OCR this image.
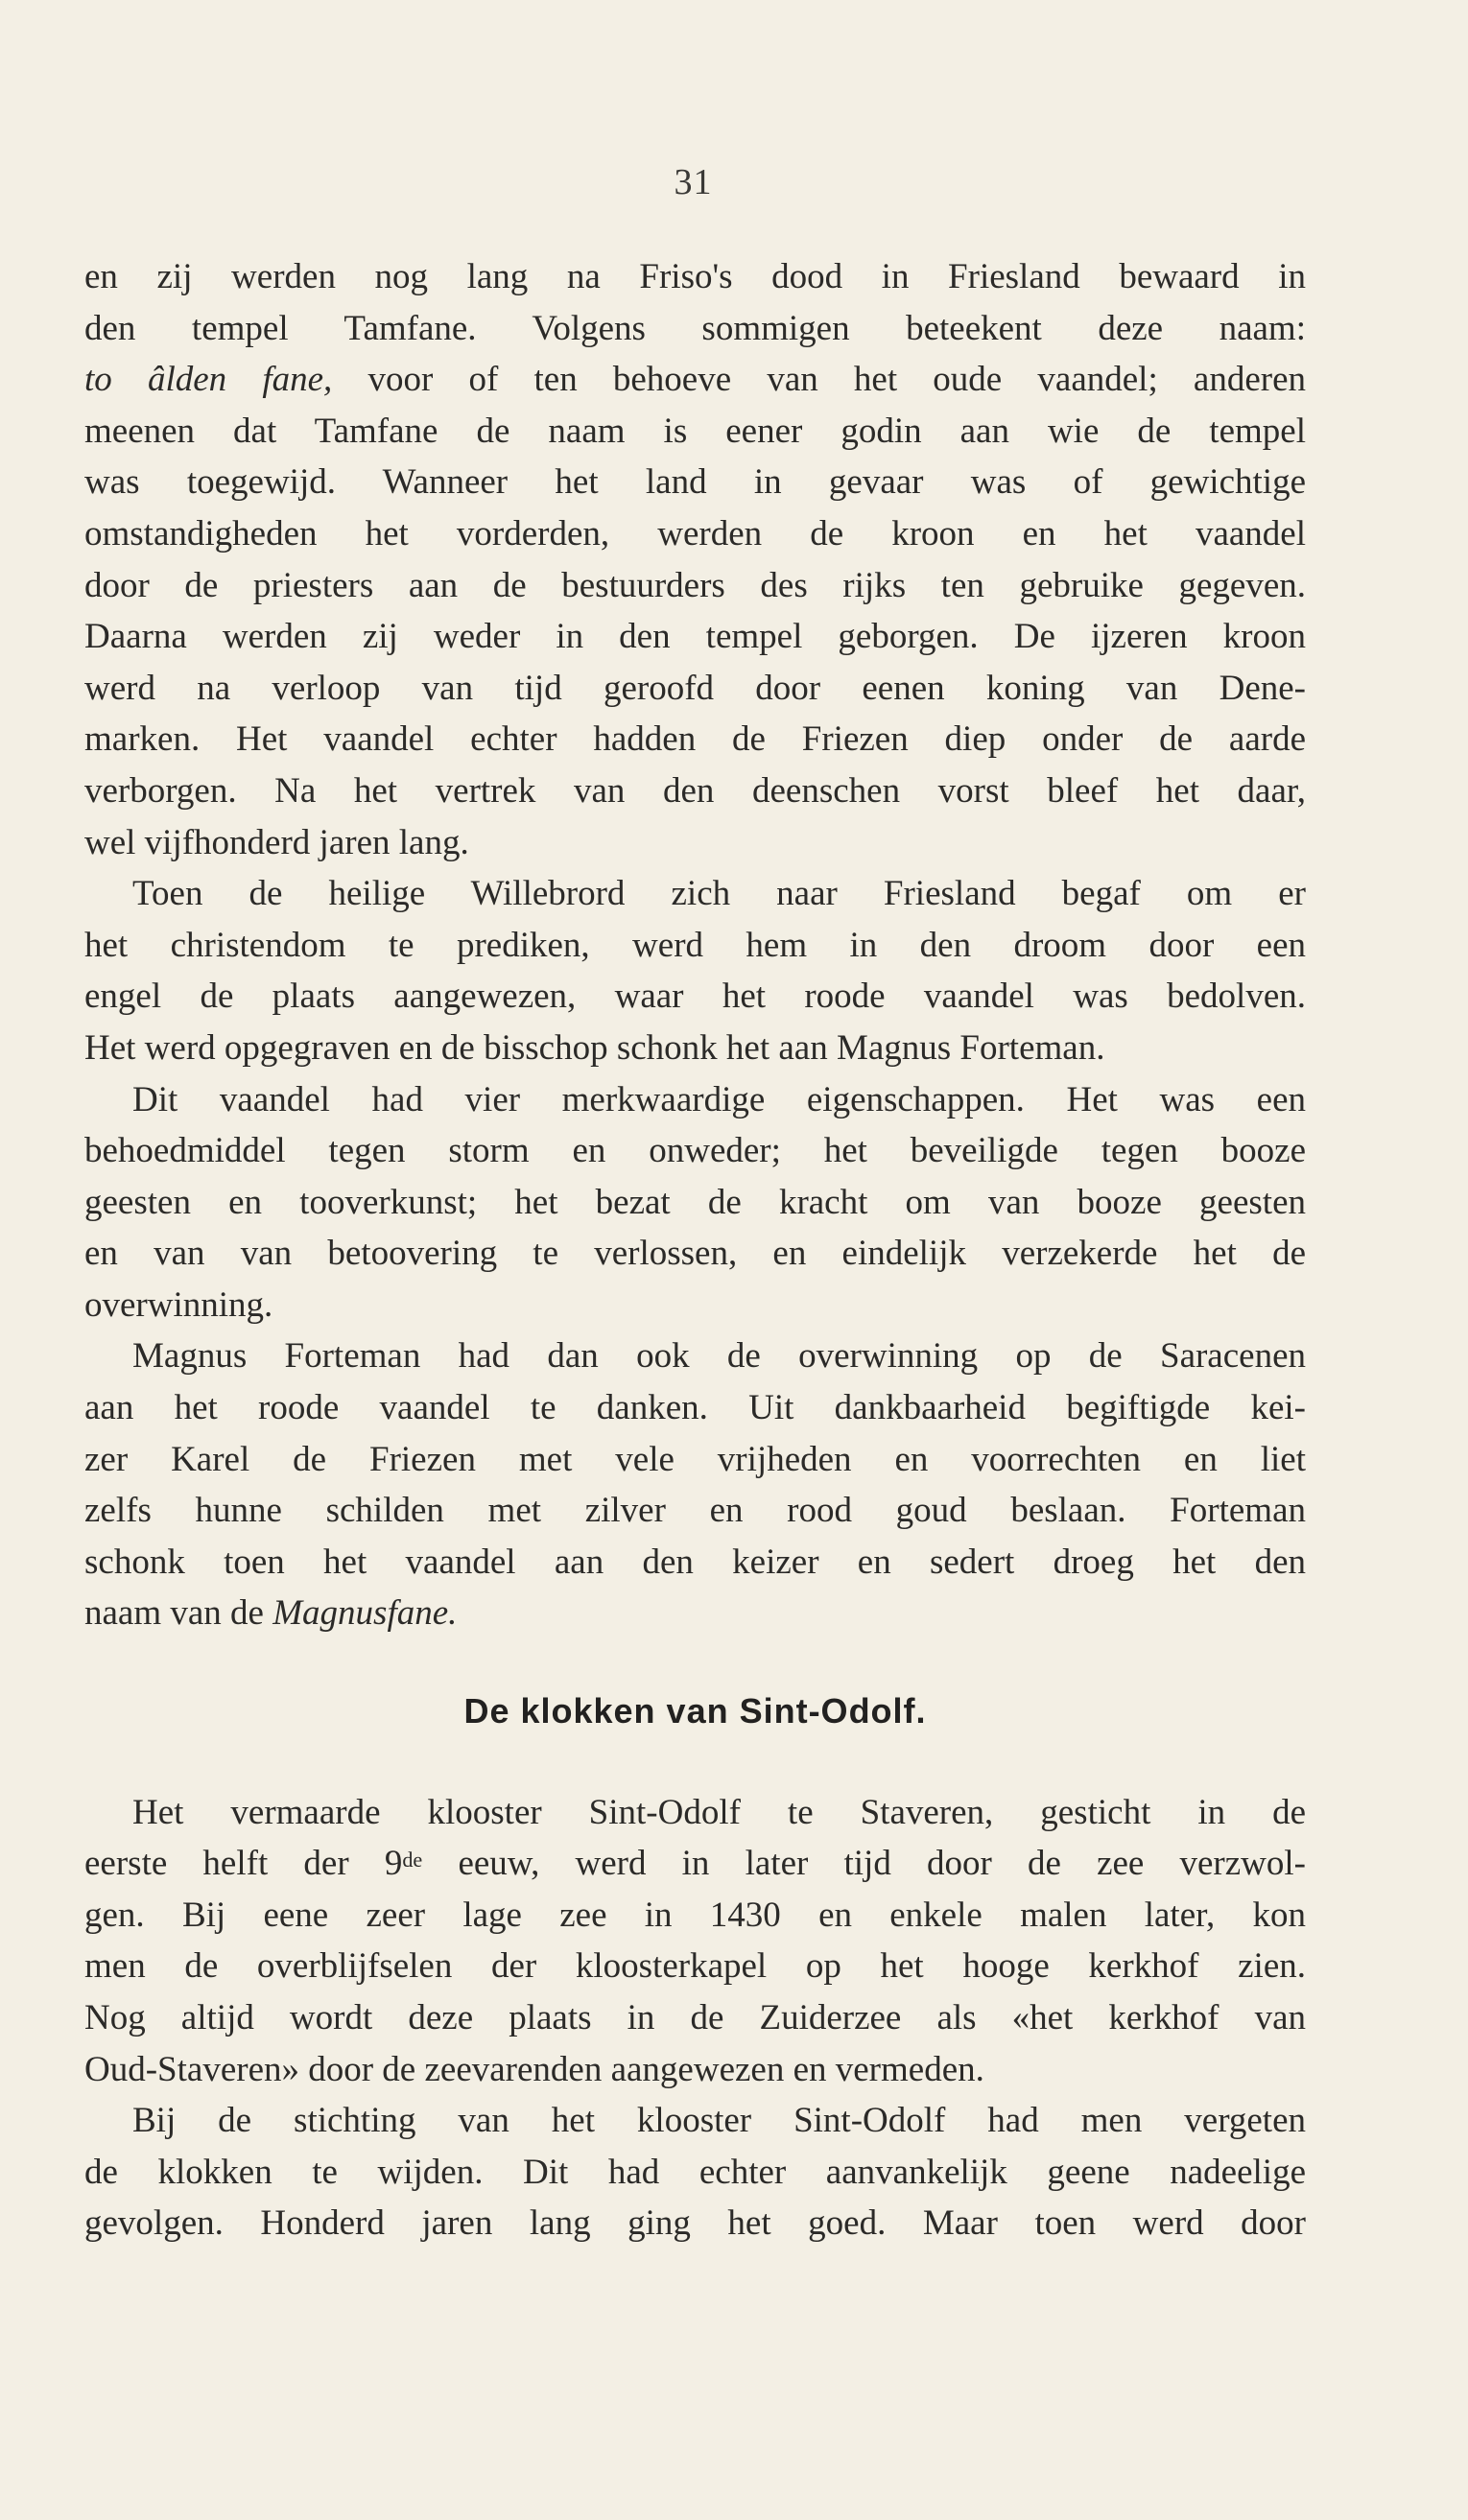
31

en zij werden nog lang na Friso's dood in Friesland bewaard in
den tempel Tamfane. Volgens sommigen beteekent deze naam:
to âlden fane, voor of ten behoeve van het oude vaandel; anderen
meenen dat Tamfane de naam is eener godin aan wie de tempel
was toegewijd. Wanneer het land in gevaar was of gewichtige
omstandigheden het vorderden, werden de kroon en het vaandel
door de priesters aan de bestuurders des rijks ten gebruike gegeven.
Daarna werden zij weder in den tempel geborgen. De ijzeren kroon
werd na verloop van tijd geroofd door eenen koning van Dene-
marken. Het vaandel echter hadden de Friezen diep onder de aarde
verborgen. Na het vertrek van den deenschen vorst bleef het daar,
wel vijfhonderd jaren lang.

Toen de heilige Willebrord zich naar Friesland begaf om er
het christendom te prediken, werd hem in den droom door een
engel de plaats aangewezen, waar het roode vaandel was bedolven.
Het werd opgegraven en de bisschop schonk het aan Magnus Forteman.

Dit vaandel had vier merkwaardige eigenschappen. Het was een
behoedmiddel tegen storm en onweder; het beveiligde tegen booze
geesten en tooverkunst; het bezat de kracht om van booze geesten
en van van betoovering te verlossen, en eindelijk verzekerde het de
overwinning.

Magnus Forteman had dan ook de overwinning op de Saracenen
aan het roode vaandel te danken. Uit dankbaarheid begiftigde kei-
zer Karel de Friezen met vele vrijheden en voorrechten en liet
zelfs hunne schilden met zilver en rood goud beslaan. Forteman
schonk toen het vaandel aan den keizer en sedert droeg het den
naam van de Magnusfane.

De klokken van Sint-Odolf.

Het vermaarde klooster Sint-Odolf te Staveren, gesticht in de
eerste helft der 9de eeuw, werd in later tijd door de zee verzwol-
gen. Bij eene zeer lage zee in 1430 en enkele malen later, kon
men de overblijfselen der kloosterkapel op het hooge kerkhof zien.
Nog altijd wordt deze plaats in de Zuiderzee als «het kerkhof van
Oud-Staveren» door de zeevarenden aangewezen en vermeden.

Bij de stichting van het klooster Sint-Odolf had men vergeten
de klokken te wijden. Dit had echter aanvankelijk geene nadeelige
gevolgen. Honderd jaren lang ging het goed. Maar toen werd door
